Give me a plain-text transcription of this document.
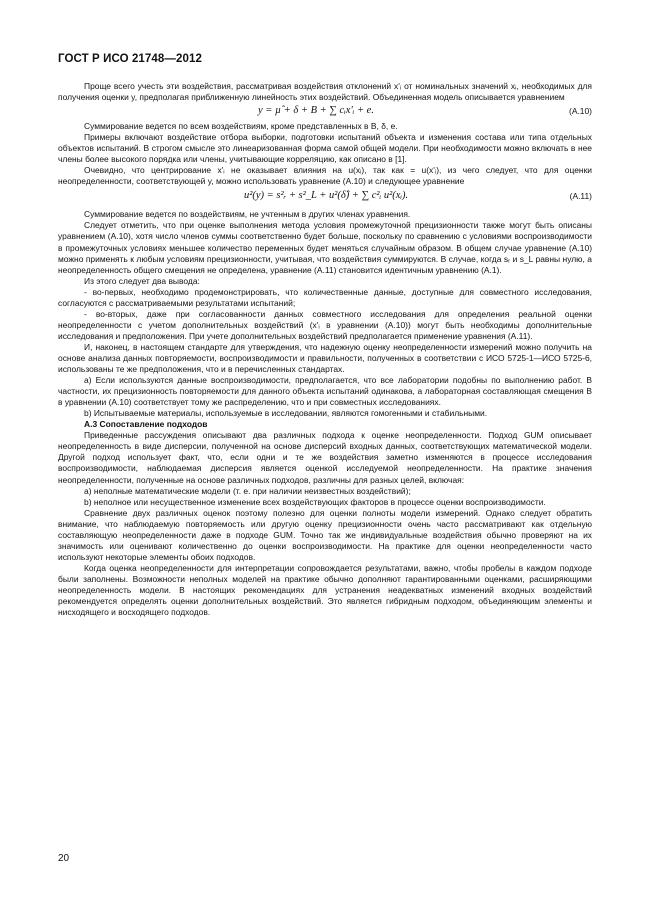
ГОСТ Р ИСО 21748—2012

Проще всего учесть эти воздействия, рассматривая воздействия отклонений x'ᵢ от номинальных значений xᵢ, необходимых для получения оценки y, предполагая приближенную линейность этих воздействий. Объединенная модель описывается уравнением

y = µ̂ + δ + B + ∑ cᵢx'ᵢ + e.	(A.10)

Суммирование ведется по всем воздействиям, кроме представленных в B, δ, e.

Примеры включают воздействие отбора выборки, подготовки испытаний объекта и изменения состава или типа отдельных объектов испытаний. В строгом смысле это линеаризованная форма самой общей модели. При необходимости можно включать в нее члены более высокого порядка или члены, учитывающие корреляцию, как описано в [1].

Очевидно, что центрирование x'ᵢ не оказывает влияния на u(xᵢ), так как = u(x'ᵢ), из чего следует, что для оценки неопределенности, соответствующей y, можно использовать уравнение (A.10) и следующее уравнение

u²(y) = s²ᵣ + s²_L + u²(δ̂) + ∑ c²ᵢ u²(xᵢ).	(A.11)

Суммирование ведется по воздействиям, не учтенным в других членах уравнения.

Следует отметить, что при оценке выполнения метода условия промежуточной прецизионности также могут быть описаны уравнением (A.10), хотя число членов суммы соответственно будет больше, поскольку по сравнению с условиями воспроизводимости в промежуточных условиях меньшее количество переменных будет меняться случайным образом. В общем случае уравнение (A.10) можно применять к любым условиям прецизионности, учитывая, что воздействия суммируются. В случае, когда sᵣ и s_L равны нулю, а неопределенность общего смещения не определена, уравнение (A.11) становится идентичным уравнению (A.1).

Из этого следует два вывода:

- во-первых, необходимо продемонстрировать, что количественные данные, доступные для совместного исследования, согласуются с рассматриваемыми результатами испытаний;

- во-вторых, даже при согласованности данных совместного исследования для определения реальной оценки неопределенности с учетом дополнительных воздействий (x'ᵢ в уравнении (A.10)) могут быть необходимы дополнительные исследования и предположения. При учете дополнительных воздействий предполагается применение уравнения (A.11).

И, наконец, в настоящем стандарте для утверждения, что надежную оценку неопределенности измерений можно получить на основе анализа данных повторяемости, воспроизводимости и правильности, полученных в соответствии с ИСО 5725-1—ИСО 5725-6, использованы те же предположения, что и в перечисленных стандартах.

a) Если используются данные воспроизводимости, предполагается, что все лаборатории подобны по выполнению работ. В частности, их прецизионность повторяемости для данного объекта испытаний одинакова, а лабораторная составляющая смещения B в уравнении (A.10) соответствует тому же распределению, что и при совместных исследованиях.

b) Испытываемые материалы, используемые в исследовании, являются гомогенными и стабильными.

A.3 Сопоставление подходов

Приведенные рассуждения описывают два различных подхода к оценке неопределенности. Подход GUM описывает неопределенность в виде дисперсии, полученной на основе дисперсий входных данных, соответствующих математической модели. Другой подход использует факт, что, если одни и те же воздействия заметно изменяются в процессе исследования воспроизводимости, наблюдаемая дисперсия является оценкой исследуемой неопределенности. На практике значения неопределенности, полученные на основе различных подходов, различны для разных целей, включая:

a) неполные математические модели (т. е. при наличии неизвестных воздействий);

b) неполное или несущественное изменение всех воздействующих факторов в процессе оценки воспроизводимости.

Сравнение двух различных оценок поэтому полезно для оценки полноты модели измерений. Однако следует обратить внимание, что наблюдаемую повторяемость или другую оценку прецизионности очень часто рассматривают как отдельную составляющую неопределенности даже в подходе GUM. Точно так же индивидуальные воздействия обычно проверяют на их значимость или оценивают количественно до оценки воспроизводимости. На практике для оценки неопределенности часто используют некоторые элементы обоих подходов.

Когда оценка неопределенности для интерпретации сопровождается результатами, важно, чтобы пробелы в каждом подходе были заполнены. Возможности неполных моделей на практике обычно дополняют гарантированными оценками, расширяющими неопределенность модели. В настоящих рекомендациях для устранения неадекватных изменений входных воздействий рекомендуется определять оценки дополнительных воздействий. Это является гибридным подходом, объединяющим элементы и нисходящего и восходящего подходов.

20
